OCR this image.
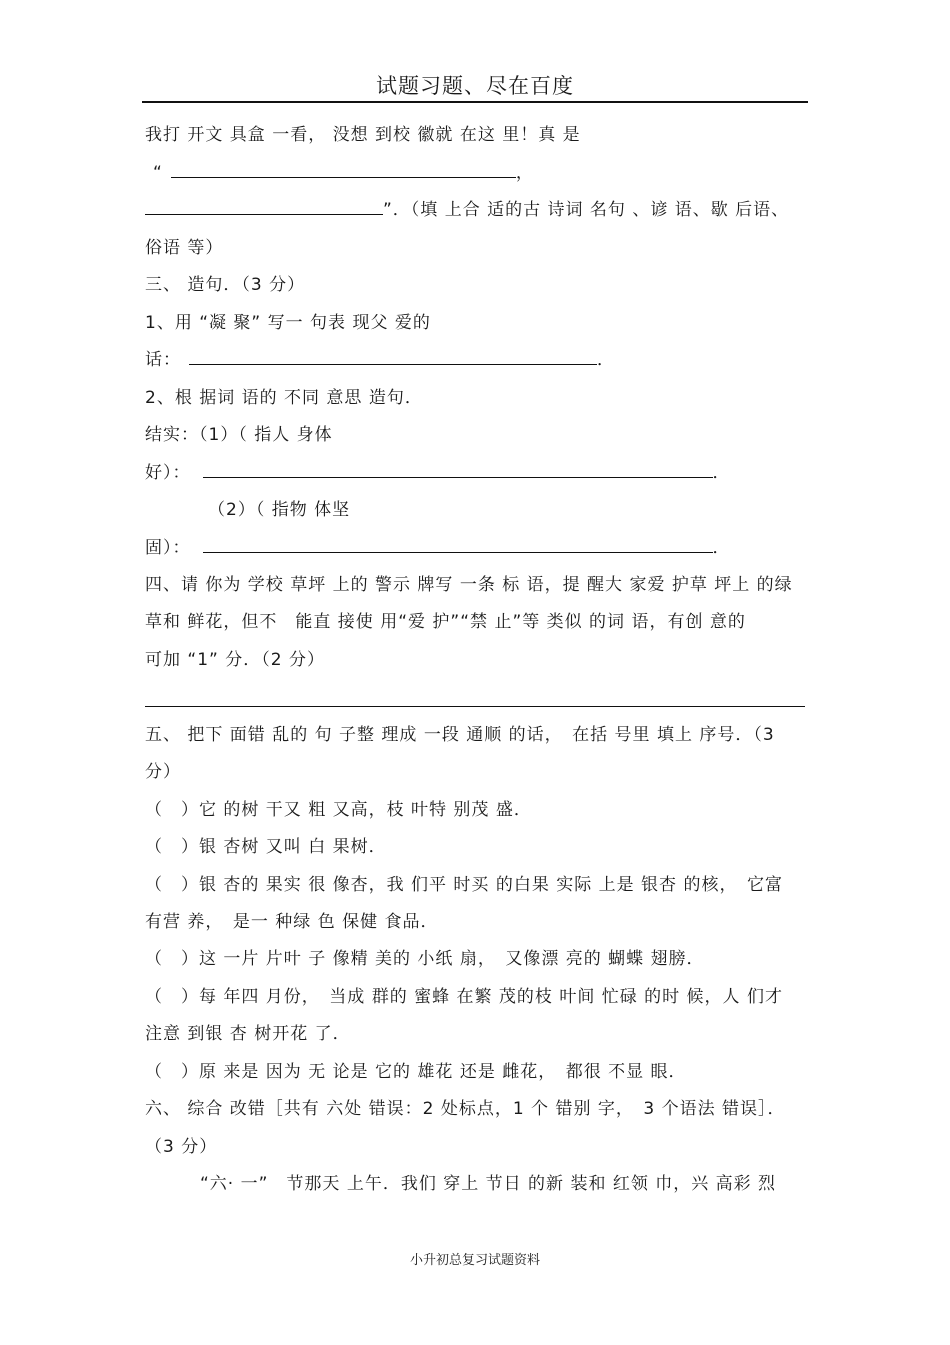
试题习题、尽在百度
我打 开文 具盒 一看， 没想 到校 徽就 在这 里！真 是
“	，
”．（填 上合 适的古 诗词 名句 、谚 语、歇 后语、
俗语 等）
三、 造句．（3 分）
1、用 “凝 聚” 写一 句表 现父 爱的
话：	．
2、根 据词 语的 不同 意思 造句．
结实：（1）（ 指人 身体
好）：	．
（2）（ 指物 体坚
固）：	．
四、请 你为 学校 草坪 上的 警示 牌写 一条 标 语，提 醒大 家爱 护草 坪上 的绿
草和 鲜花，但不　能直 接使 用“爱 护”“禁 止”等 类似 的词 语，有创 意的
可加 “1” 分．（2 分）
五、 把下 面错 乱的 句 子整 理成 一段 通顺 的话，　在括 号里 填上 序号．（3
分）
（　）它 的树 干又 粗 又高，枝 叶特 别茂 盛．
（　）银 杏树 又叫 白 果树．
（　）银 杏的 果实 很 像杏，我 们平 时买 的白果 实际 上是 银杏 的核，　它富
有营 养，　是一 种绿 色 保健 食品．
（　）这 一片 片叶 子 像精 美的 小纸 扇，　又像漂 亮的 蝴蝶 翅膀．
（　）每 年四 月份，　当成 群的 蜜蜂 在繁 茂的枝 叶间 忙碌 的时 候，人 们才
注意 到银 杏 树开花 了．
（　）原 来是 因为 无 论是 它的 雄花 还是 雌花，　都很 不显 眼．
六、 综合 改错［共有 六处 错误：2 处标点，1 个 错别 字，　3 个语法 错误］．
（3 分）
“六· 一”　节那天 上午．我们 穿上 节日 的新 装和 红领 巾，兴 高彩 烈
小升初总复习试题资料
